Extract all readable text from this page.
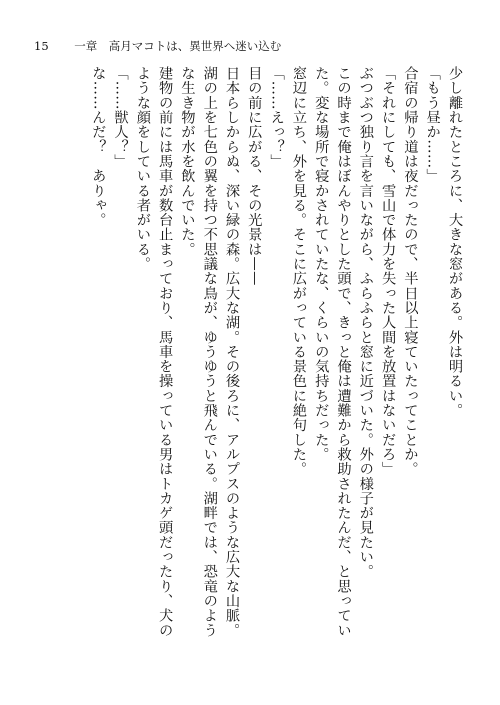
15 一章　高月マコトは、異世界へ迷い込む
少し離れたところに、大きな窓がある。外は明るい。
「もう昼か……」
合宿の帰り道は夜だったので、半日以上寝ていたってことか。
「それにしても、雪山で体力を失った人間を放置はないだろ」
ぶつぶつ独り言を言いながら、ふらふらと窓に近づいた。外の様子が見たい。
この時まで俺はぼんやりとした頭で、きっと俺は遭難から救助されたんだ、と思ってい
た。変な場所で寝かされていたな、くらいの気持ちだった。
窓辺に立ち、外を見る。そこに広がっている景色に絶句した。
「……えっ？」
目の前に広がる、その光景は——
日本らしからぬ、深い緑の森。広大な湖。その後ろに、アルプスのような広大な山脈。
湖の上を七色の翼を持つ不思議な鳥が、ゆうゆうと飛んでいる。湖畔では、恐竜のよう
な生き物が水を飲んでいた。
建物の前には馬車が数台止まっており、馬車を操っている男はトカゲ頭だったり、犬の
ような顔をしている者がいる。
「……獣人？」
な……んだ？　ありゃ。
